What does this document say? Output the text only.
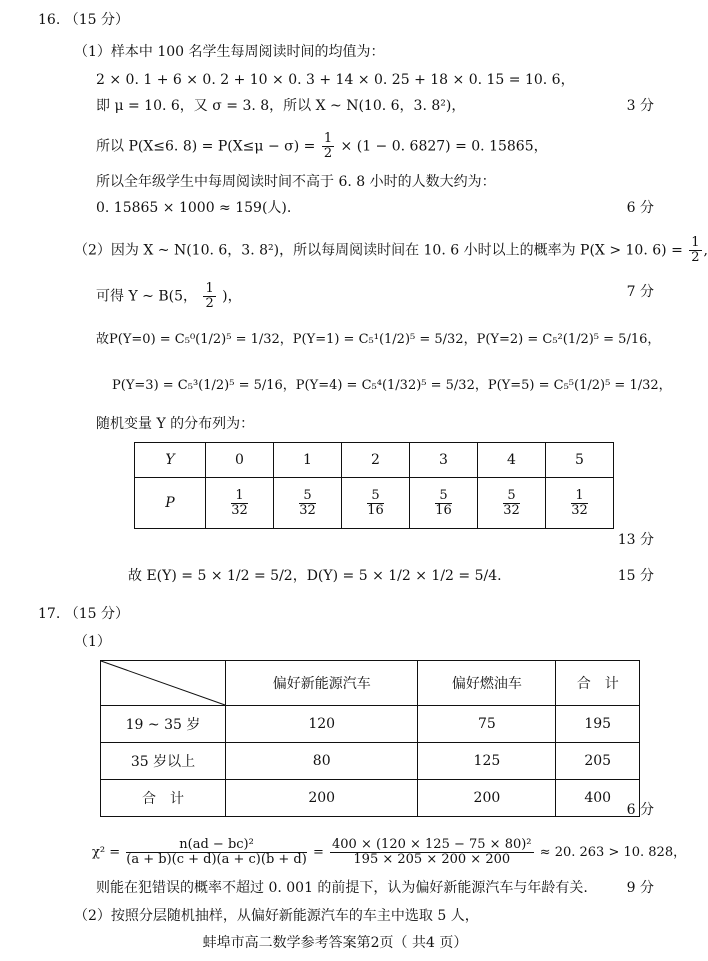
16. （15 分）
（1）样本中 100 名学生每周阅读时间的均值为：
2 × 0. 1 + 6 × 0. 2 + 10 × 0. 3 + 14 × 0. 25 + 18 × 0. 15 = 10. 6，
即 μ = 10. 6，又 σ = 3. 8，所以 X ~ N(10. 6，3. 8²)，	3 分
所以 P(X≤6. $8) = P(X\le\mu - \sigma) = \frac{1}{2} \times (1 - 0$. 6827) = 0. 15865，
所以全年级学生中每周阅读时间不高于 6. 8 小时的人数大约为：
0. 15865 × 1000 ≈ 159(人).	6 分
（2）因为 X ~ N(10. 6，3. 8²)，所以每周阅读时间在 10. 6 小时以上的概率为 P(X > 10. $6) = \frac{1}{2}$ ,
可得 Y ~ B(5， $\frac{1}{2}$ )，	7 分
故P(Y=0) = C₅⁰(1/2)⁵ = 1/32，P(Y=1) = C₅¹(1/2)⁵ = 5/32，P(Y=2) = C₅²(1/2)⁵ = 5/16，
P(Y=3) = C₅³(1/2)⁵ = 5/16，P(Y=4) = C₅⁴(1/32)⁵ = 5/32，P(Y=5) = C₅⁵(1/2)⁵ = 1/32，
随机变量 Y 的分布列为：
Y	0	1	2	3	4	5
P	$\frac{1}{32}$	$\frac{5}{32}$	$\frac{5}{16}$	$\frac{5}{16}$	$\frac{5}{32}$	$\frac{1}{32}$
13 分
故 E(Y) = 5 × 1/2 = 5/2，D(Y) = 5 × 1/2 × 1/2 = 5/4.	15 分
17. （15 分）
（1）
	偏好新能源汽车	偏好燃油车	合　计
19 ~ 35 岁	120	75	195
35 岁以上	80	125	205
合　计	200	200	400
6 分
$\chi^2 = \frac{\text{n(ad − bc)²}}{(a + b)(c + d)(a + c)(b + d)} = \frac{\text{400 × (120 × 125 − 75 × 80)²}}{195 \times 205 \times 200 \times 200} \approx 20$. 263 > 10. 828，
则能在犯错误的概率不超过 0. 001 的前提下，认为偏好新能源汽车与年龄有关.	9 分
（2）按照分层随机抽样，从偏好新能源汽车的车主中选取 5 人，
蚌埠市高二数学参考答案第2页（ 共4 页）
